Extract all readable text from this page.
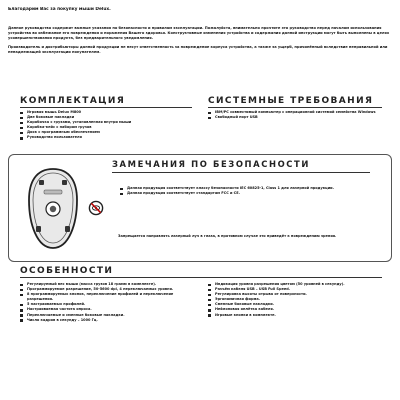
Благодарим Вас за покупку мыши Delux.

Данное руководство содержит важные указания по безопасности и правилам эксплуатации. Пожалуйста, внимательно прочтите это руководство перед началом использования устройства во избежание его повреждения и поражения Вашего здоровья. Конструктивные изменения устройства и содержания данной инструкции могут быть выполнены в целях усовершенствования продукта, без предварительного уведомления.

Производитель и дистрибьюторы данной продукции не несут ответственность за повреждение корпуса устройства, а также за ущерб, причинённый вследствие неправильной или ненадлежащей эксплуатации покупателем.

КОМПЛЕКТАЦИЯ
Игровая мышь Delux M800
Две боковые накладки
Коробочка с грузами, установленная внутри мыши
Коробка-кейс с набором грузов
Диск с программным обеспечением
Руководство пользователя
СИСТЕМНЫЕ ТРЕБОВАНИЯ
IBM/PC совместимый компьютер с операционной системой семейства Windows
Свободный порт USB
ЗАМЕЧАНИЯ ПО БЕЗОПАСНОСТИ
Данная продукция соответствует классу безопасности IEC 60825-1, Class 1 для лазерной продукции.
Данная продукция соответствует стандартам FCC и CE.
Запрещается направлять лазерный луч в глаза, в противном случае это приведёт к повреждению зрения.
ОСОБЕННОСТИ
Регулируемый вес мыши (масса грузов 18 грамм в комплекте).
Программируемое разрешение, 50-5600 dpi, 4 переключаемых уровня.
8 программируемых кнопок, переключение профилей и переключение разрешения.
5 настраиваемых профилей.
Настраиваемая частота опроса.
Переключаемые и сменные боковые накладки.
Число кадров в секунду – 1000 Гц.
Индикация уровня разрешения цветом (50 уровней в секунду).
Разъём кабеля USB – USB Full Speed.
Регулировка высоты отрыва от поверхности.
Эргономичная форма.
Сменные боковые накладки.
Нейлоновая оплётка кабеля.
Игровые кнопки в комплекте.
